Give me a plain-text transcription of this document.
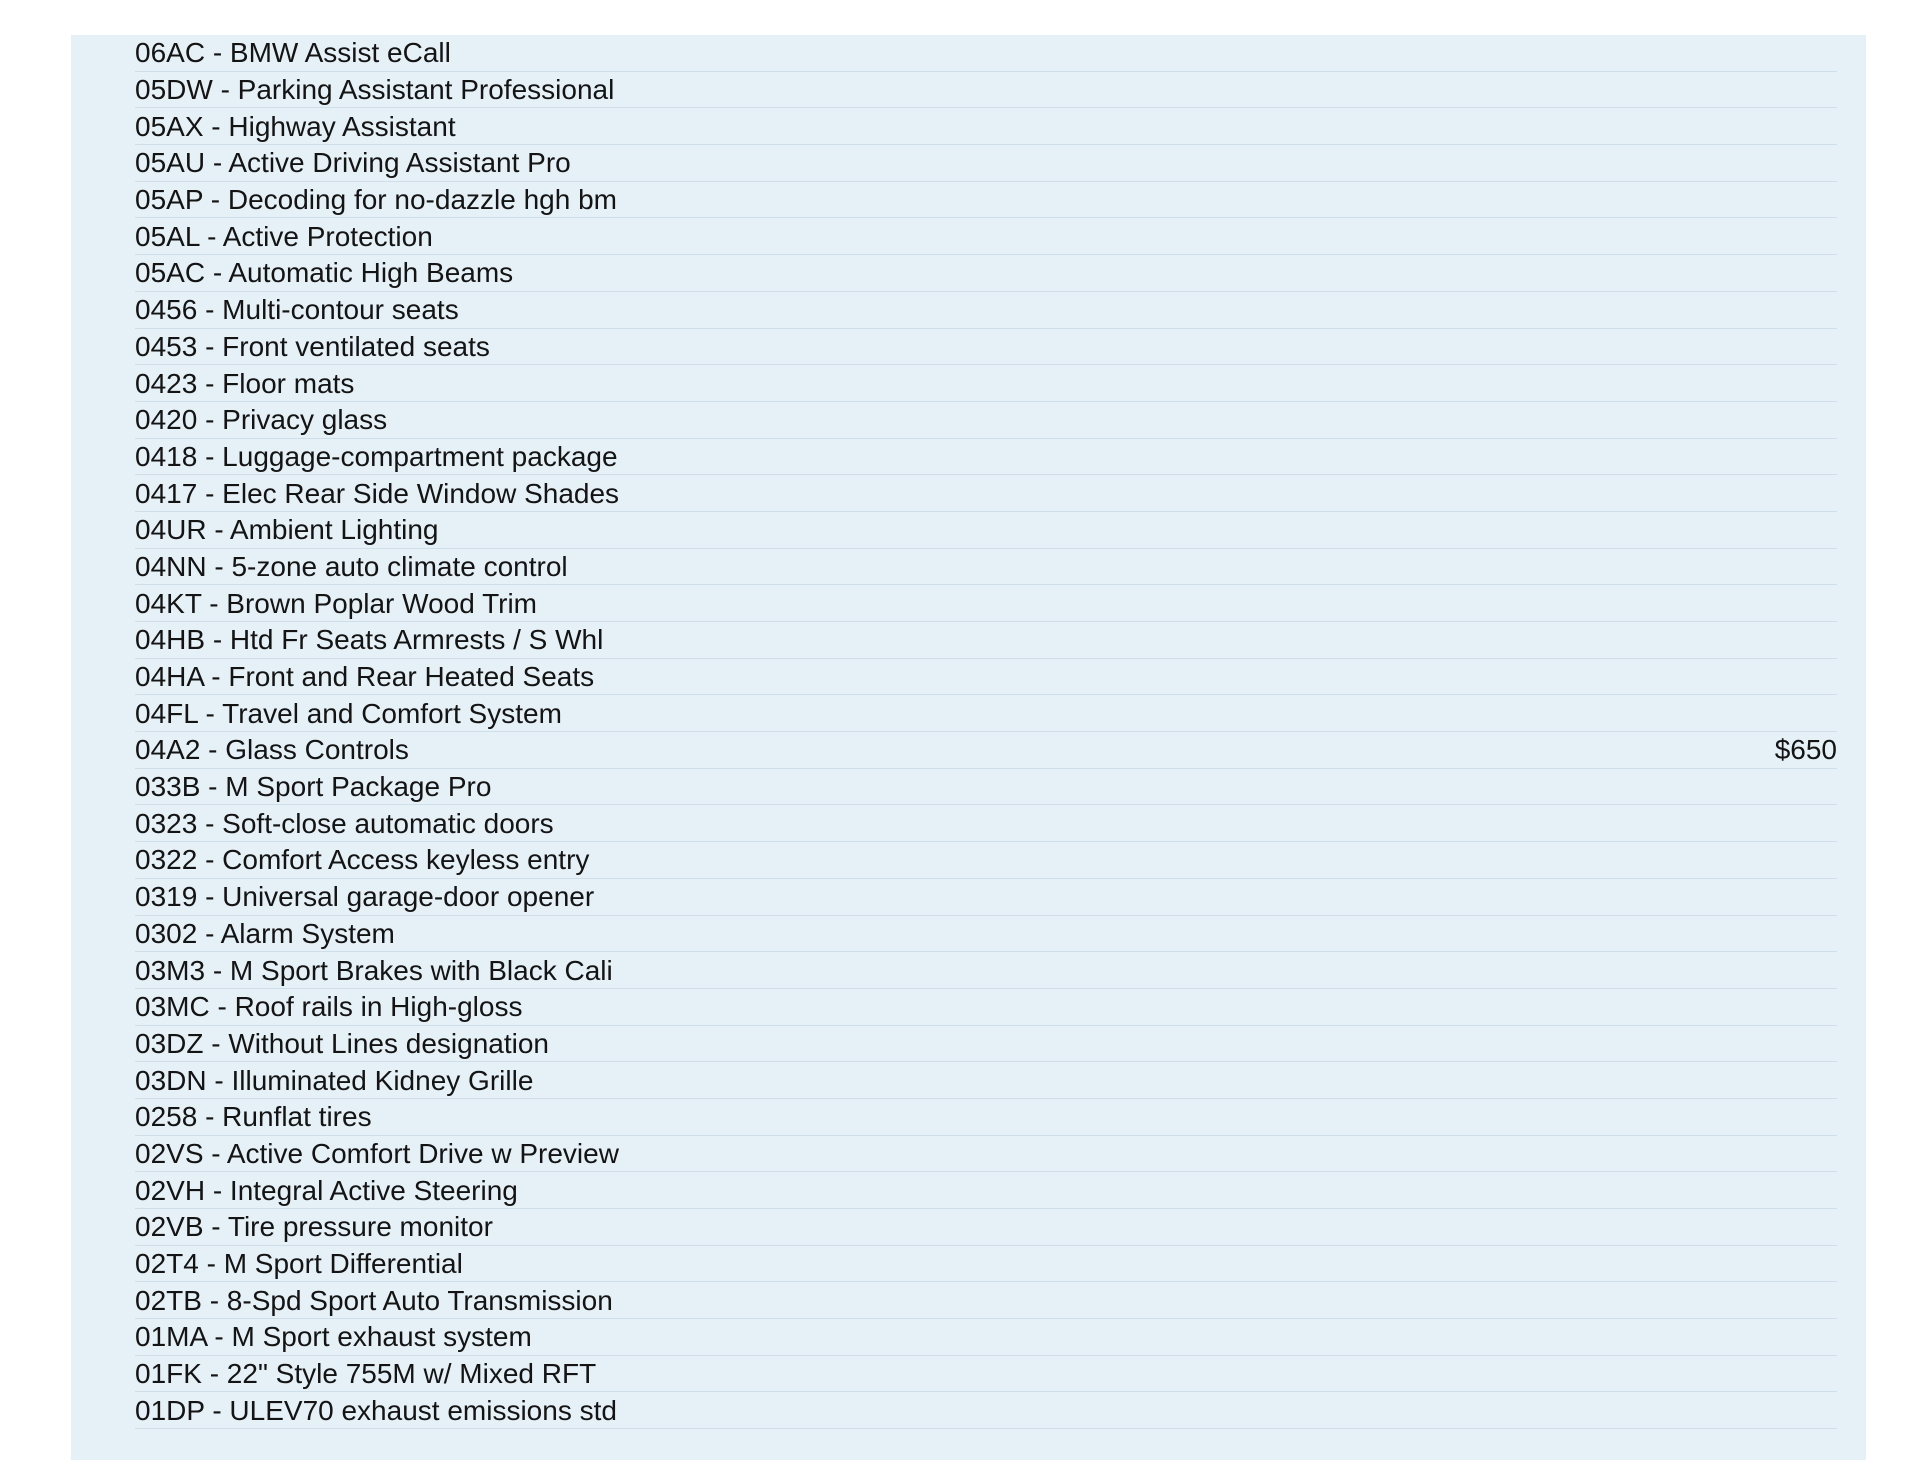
06AC - BMW Assist eCall
05DW - Parking Assistant Professional
05AX - Highway Assistant
05AU - Active Driving Assistant Pro
05AP - Decoding for no-dazzle hgh bm
05AL - Active Protection
05AC - Automatic High Beams
0456 - Multi-contour seats
0453 - Front ventilated seats
0423 - Floor mats
0420 - Privacy glass
0418 - Luggage-compartment package
0417 - Elec Rear Side Window Shades
04UR - Ambient Lighting
04NN - 5-zone auto climate control
04KT - Brown Poplar Wood Trim
04HB - Htd Fr Seats Armrests / S Whl
04HA - Front and Rear Heated Seats
04FL - Travel and Comfort System
04A2 - Glass Controls	$650
033B - M Sport Package Pro
0323 - Soft-close automatic doors
0322 - Comfort Access keyless entry
0319 - Universal garage-door opener
0302 - Alarm System
03M3 - M Sport Brakes with Black Cali
03MC - Roof rails in High-gloss
03DZ - Without Lines designation
03DN - Illuminated Kidney Grille
0258 - Runflat tires
02VS - Active Comfort Drive w Preview
02VH - Integral Active Steering
02VB - Tire pressure monitor
02T4 - M Sport Differential
02TB - 8-Spd Sport Auto Transmission
01MA - M Sport exhaust system
01FK - 22" Style 755M w/ Mixed RFT
01DP - ULEV70 exhaust emissions std
